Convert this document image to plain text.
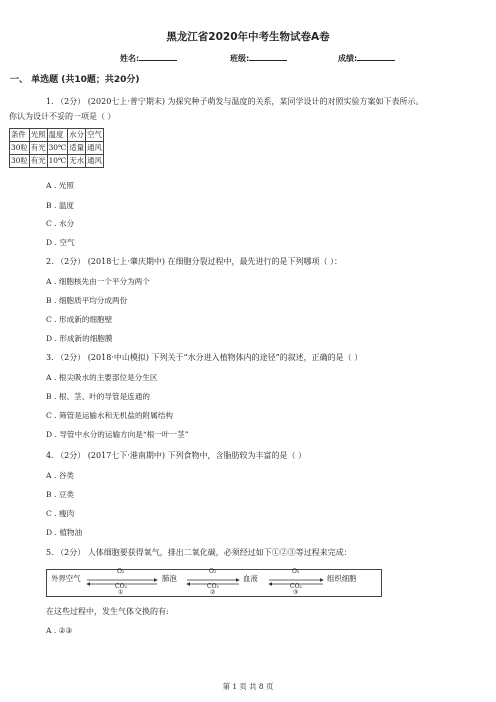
黑龙江省2020年中考生物试卷A卷
姓名:	班级:	成绩:
一、 单选题 (共10题；共20分)
1. （2分） (2020七上·普宁期末) 为探究种子萌发与温度的关系，某同学设计的对照实验方案如下表所示。
你认为设计不妥的一项是（ ）
条件	光照	温度	水分	空气
30粒	有光	30℃	适量	通风
30粒	有光	10℃	无水	通风
A . 光照
B . 温度
C . 水分
D . 空气
2. （2分） (2018七上·肇庆期中) 在细胞分裂过程中，最先进行的是下列哪项（ ）：
A . 细胞核先由一个平分为两个
B . 细胞质平均分成两份
C . 形成新的细胞壁
D . 形成新的细胞膜
3. （2分） (2018·中山模拟) 下列关于“水分进入植物体内的途径”的叙述，正确的是（ ）
A . 根尖吸水的主要部位是分生区
B . 根、茎、叶的导管是连通的
C . 筛管是运输水和无机盐的附属结构
D . 导管中水分的运输方向是“根一叶一茎”
4. （2分） (2017七下·港南期中) 下列食物中，含脂肪较为丰富的是（ ）
A . 谷类
B . 豆类
C . 瘦肉
D . 植物油
5. （2分） 人体细胞要获得氧气，排出二氧化碳，必须经过如下①②③等过程来完成：
外界空气	肺泡	血液	组织细胞
O₂	O₂	O₂
CO₂	CO₂	CO₂
①	②	③
在这些过程中，发生气体交换的有:
A . ②③
第 1 页 共 8 页
